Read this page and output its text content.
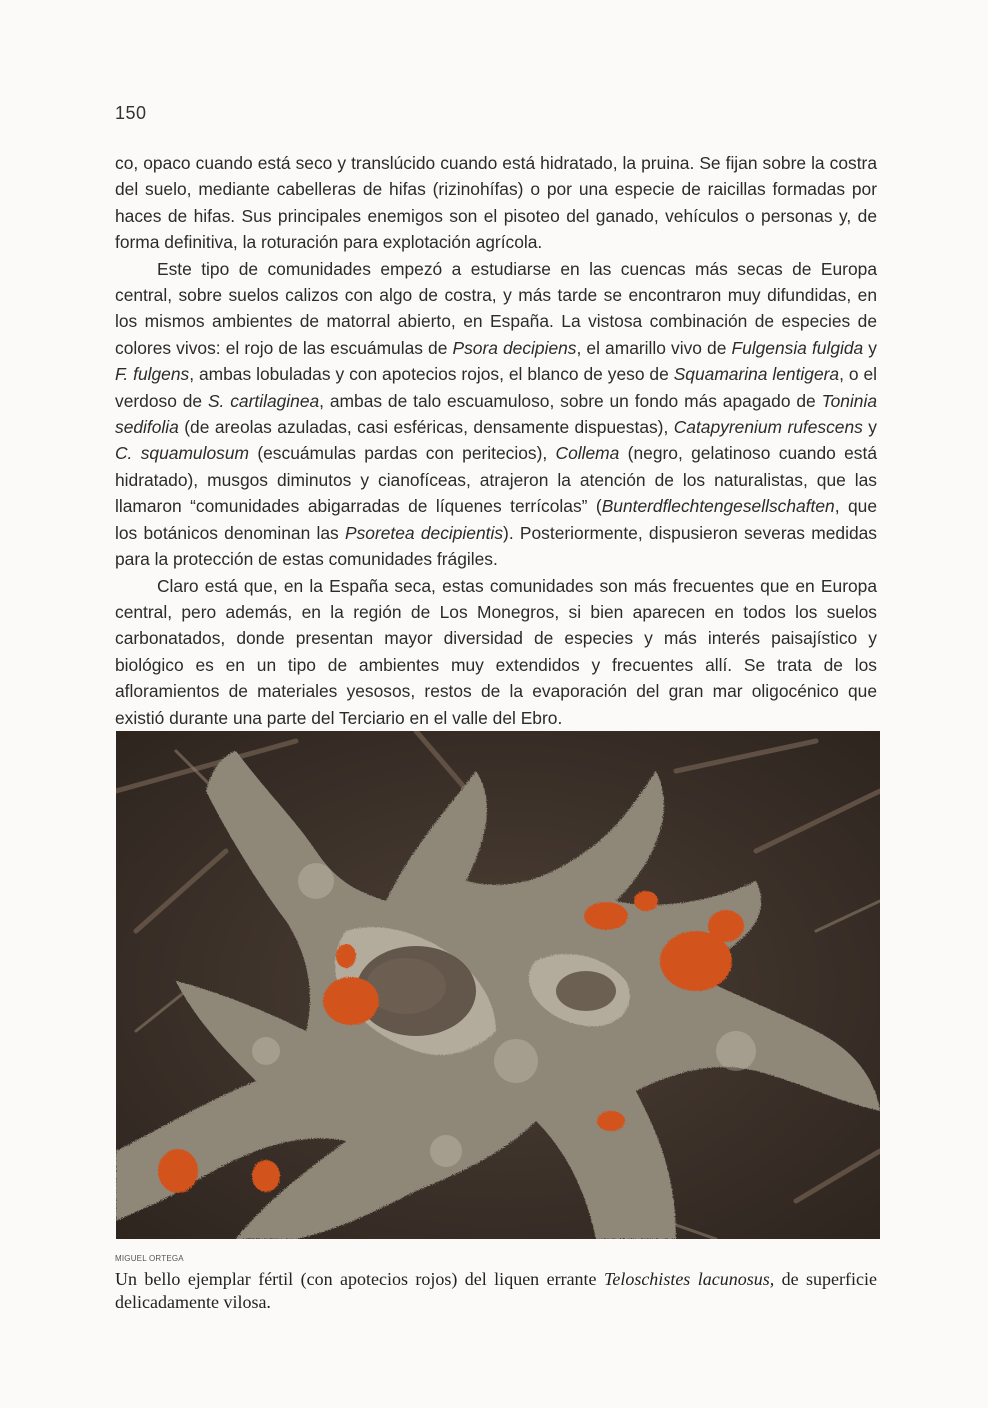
150

co, opaco cuando está seco y translúcido cuando está hidratado, la pruina. Se fijan sobre la costra del suelo, mediante cabelleras de hifas (rizinohífas) o por una especie de raicillas formadas por haces de hifas. Sus principales enemigos son el pisoteo del ganado, vehículos o personas y, de forma definitiva, la roturación para explotación agrícola.

Este tipo de comunidades empezó a estudiarse en las cuencas más secas de Europa central, sobre suelos calizos con algo de costra, y más tarde se encontraron muy difundidas, en los mismos ambientes de matorral abierto, en España. La vistosa combinación de especies de colores vivos: el rojo de las escuámulas de Psora decipiens, el amarillo vivo de Fulgensia fulgida y F. fulgens, ambas lobuladas y con apotecios rojos, el blanco de yeso de Squamarina lentigera, o el verdoso de S. cartilaginea, ambas de talo escuamuloso, sobre un fondo más apagado de Toninia sedifolia (de areolas azuladas, casi esféricas, densamente dispuestas), Catapyrenium rufescens y C. squamulosum (escuámulas pardas con peritecios), Collema (negro, gelatinoso cuando está hidratado), musgos diminutos y cianofíceas, atrajeron la atención de los naturalistas, que las llamaron “comunidades abigarradas de líquenes terrícolas” (Bunterdflechtengesellschaften, que los botánicos denominan las Psoretea decipientis). Posteriormente, dispusieron severas medidas para la protección de estas comunidades frágiles.

Claro está que, en la España seca, estas comunidades son más frecuentes que en Europa central, pero además, en la región de Los Monegros, si bien aparecen en todos los suelos carbonatados, donde presentan mayor diversidad de especies y más interés paisajístico y biológico es en un tipo de ambientes muy extendidos y frecuentes allí. Se trata de los afloramientos de materiales yesosos, restos de la evaporación del gran mar oligocénico que existió durante una parte del Terciario en el valle del Ebro.

MIGUEL ORTEGA
Un bello ejemplar fértil (con apotecios rojos) del liquen errante Teloschistes lacunosus, de superficie delicadamente vilosa.
